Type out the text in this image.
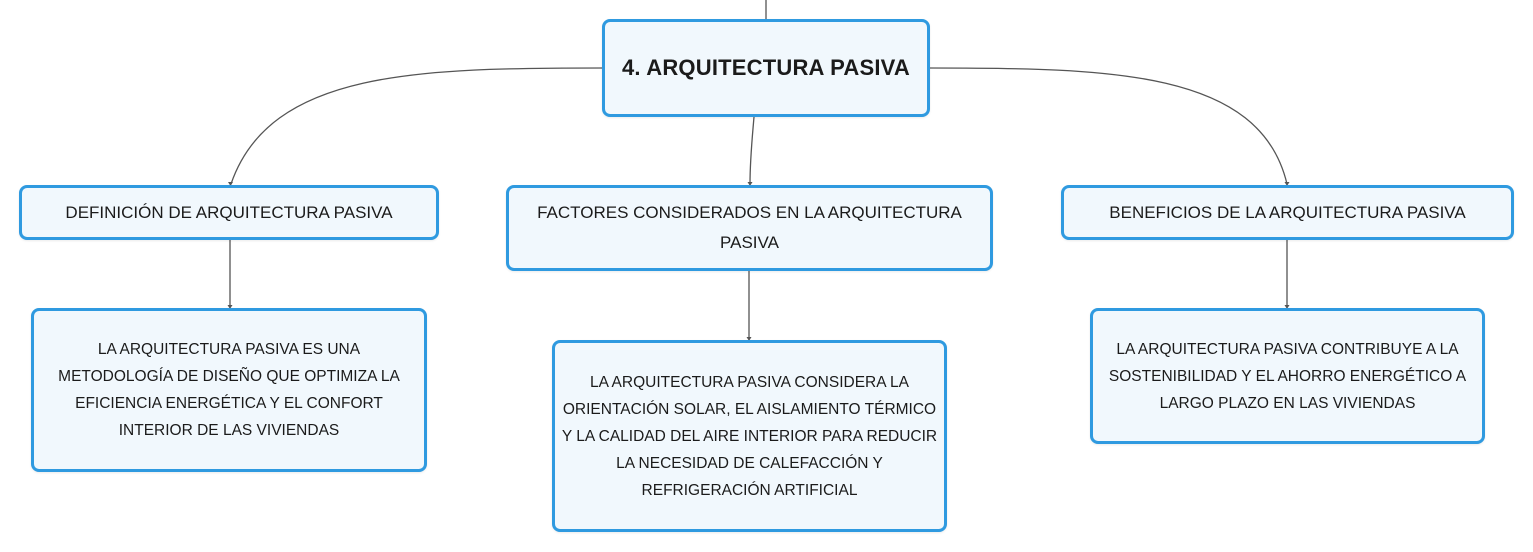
4. ARQUITECTURA PASIVA
DEFINICIÓN DE ARQUITECTURA PASIVA	FACTORES CONSIDERADOS EN LA ARQUITECTURA PASIVA
BENEFICIOS DE LA ARQUITECTURA PASIVA
LA ARQUITECTURA PASIVA ES UNA METODOLOGÍA DE DISEÑO QUE OPTIMIZA LA EFICIENCIA ENERGÉTICA Y EL CONFORT INTERIOR DE LAS VIVIENDAS
LA ARQUITECTURA PASIVA CONSIDERA LA ORIENTACIÓN SOLAR, EL AISLAMIENTO TÉRMICO Y LA CALIDAD DEL AIRE INTERIOR PARA REDUCIR LA NECESIDAD DE CALEFACCIÓN Y REFRIGERACIÓN ARTIFICIAL
LA ARQUITECTURA PASIVA CONTRIBUYE A LA SOSTENIBILIDAD Y EL AHORRO ENERGÉTICO A LARGO PLAZO EN LAS VIVIENDAS
